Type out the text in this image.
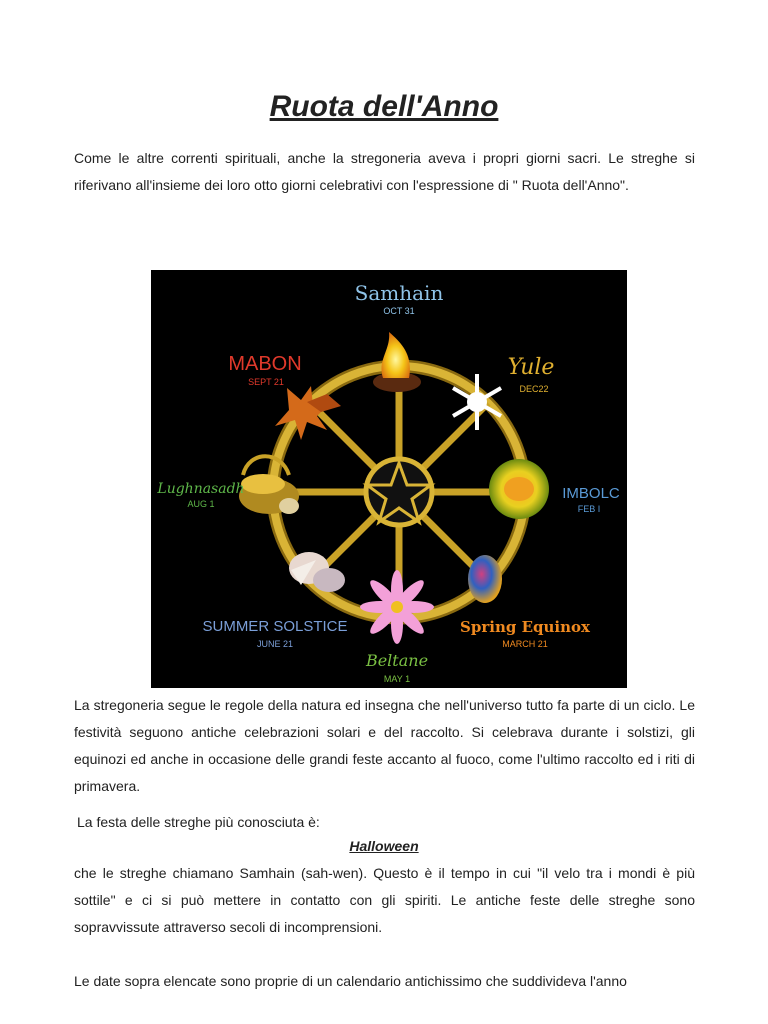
Ruota dell'Anno
Come le altre correnti spirituali, anche la stregoneria aveva i propri giorni sacri. Le streghe si riferivano all'insieme dei loro otto giorni celebrativi con l'espressione di " Ruota dell'Anno".
Samhain
OCT 31
Yule
DEC22
IMBOLC
FEB I
Spring Equinox
MARCH 21
Beltane
MAY 1
SUMMER SOLSTICE
JUNE 21
Lughnasadh
AUG 1
MABON
SEPT 21
La stregoneria segue le regole della natura ed insegna che nell'universo tutto fa parte di un ciclo. Le festività seguono antiche celebrazioni solari e del raccolto. Si celebrava durante i solstizi, gli equinozi ed anche in occasione delle grandi feste accanto al fuoco, come l'ultimo raccolto ed i riti di primavera.
La festa delle streghe più conosciuta è:
Halloween
che le streghe chiamano Samhain (sah-wen). Questo è il tempo in cui "il velo tra i mondi è più sottile" e ci si può mettere in contatto con gli spiriti. Le antiche feste delle streghe sono sopravvissute attraverso secoli di incomprensioni.
Le date sopra elencate sono proprie di un calendario antichissimo che suddivideva l'anno
